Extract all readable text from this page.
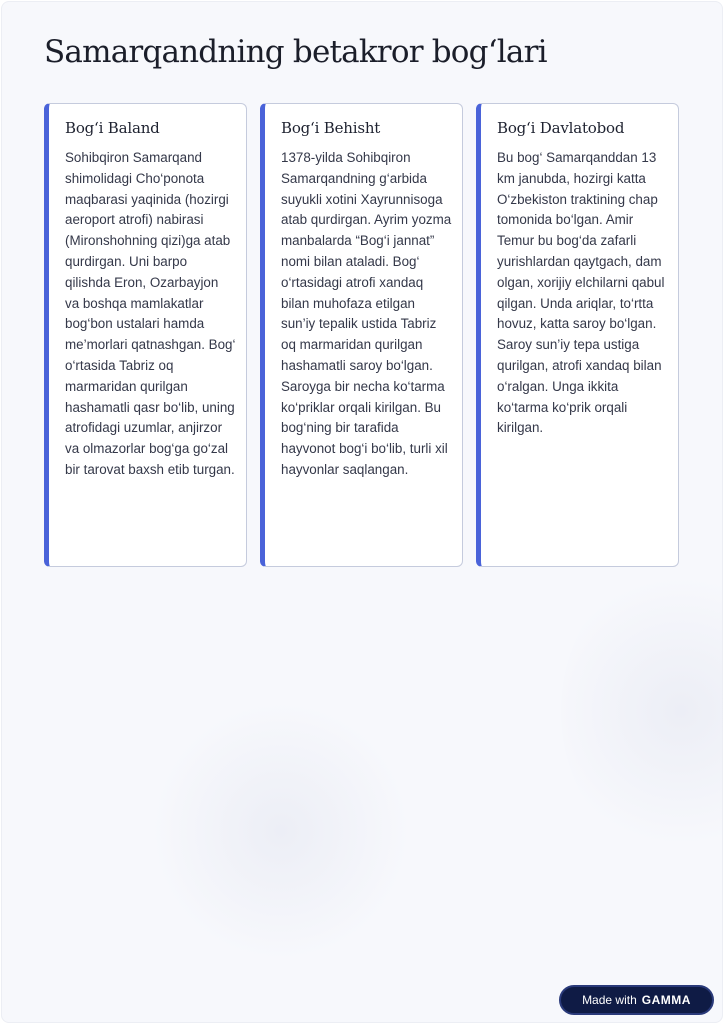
Samarqandning betakror bog‘lari
Bog‘i Baland

Sohibqiron Samarqand shimolidagi Cho‘ponota maqbarasi yaqinida (hozirgi aeroport atrofi) nabirasi (Mironshohning qizi)ga atab qurdirgan. Uni barpo qilishda Eron, Ozarbayjon va boshqa mamlakatlar bog‘bon ustalari hamda me’morlari qatnashgan. Bog‘ o‘rtasida Tabriz oq marmaridan qurilgan hashamatli qasr bo‘lib, uning atrofidagi uzumlar, anjirzor va olmazorlar bog‘ga go‘zal bir tarovat baxsh etib turgan.

Bog‘i Behisht

1378-yilda Sohibqiron Samarqandning g‘arbida suyukli xotini Xayrunnisoga atab qurdirgan. Ayrim yozma manbalarda “Bog‘i jannat” nomi bilan ataladi. Bog‘ o‘rtasidagi atrofi xandaq bilan muhofaza etilgan sun’iy tepalik ustida Tabriz oq marmaridan qurilgan hashamatli saroy bo‘lgan. Saroyga bir necha ko‘tarma ko‘priklar orqali kirilgan. Bu bog‘ning bir tarafida hayvonot bog‘i bo‘lib, turli xil hayvonlar saqlangan.

Bog‘i Davlatobod

Bu bog‘ Samarqanddan 13 km janubda, hozirgi katta O‘zbekiston traktining chap tomonida bo‘lgan. Amir Temur bu bog‘da zafarli yurishlardan qaytgach, dam olgan, xorijiy elchilarni qabul qilgan. Unda ariqlar, to‘rtta hovuz, katta saroy bo‘lgan. Saroy sun’iy tepa ustiga qurilgan, atrofi xandaq bilan o‘ralgan. Unga ikkita ko‘tarma ko‘prik orqali kirilgan.

Made with GAMMA
